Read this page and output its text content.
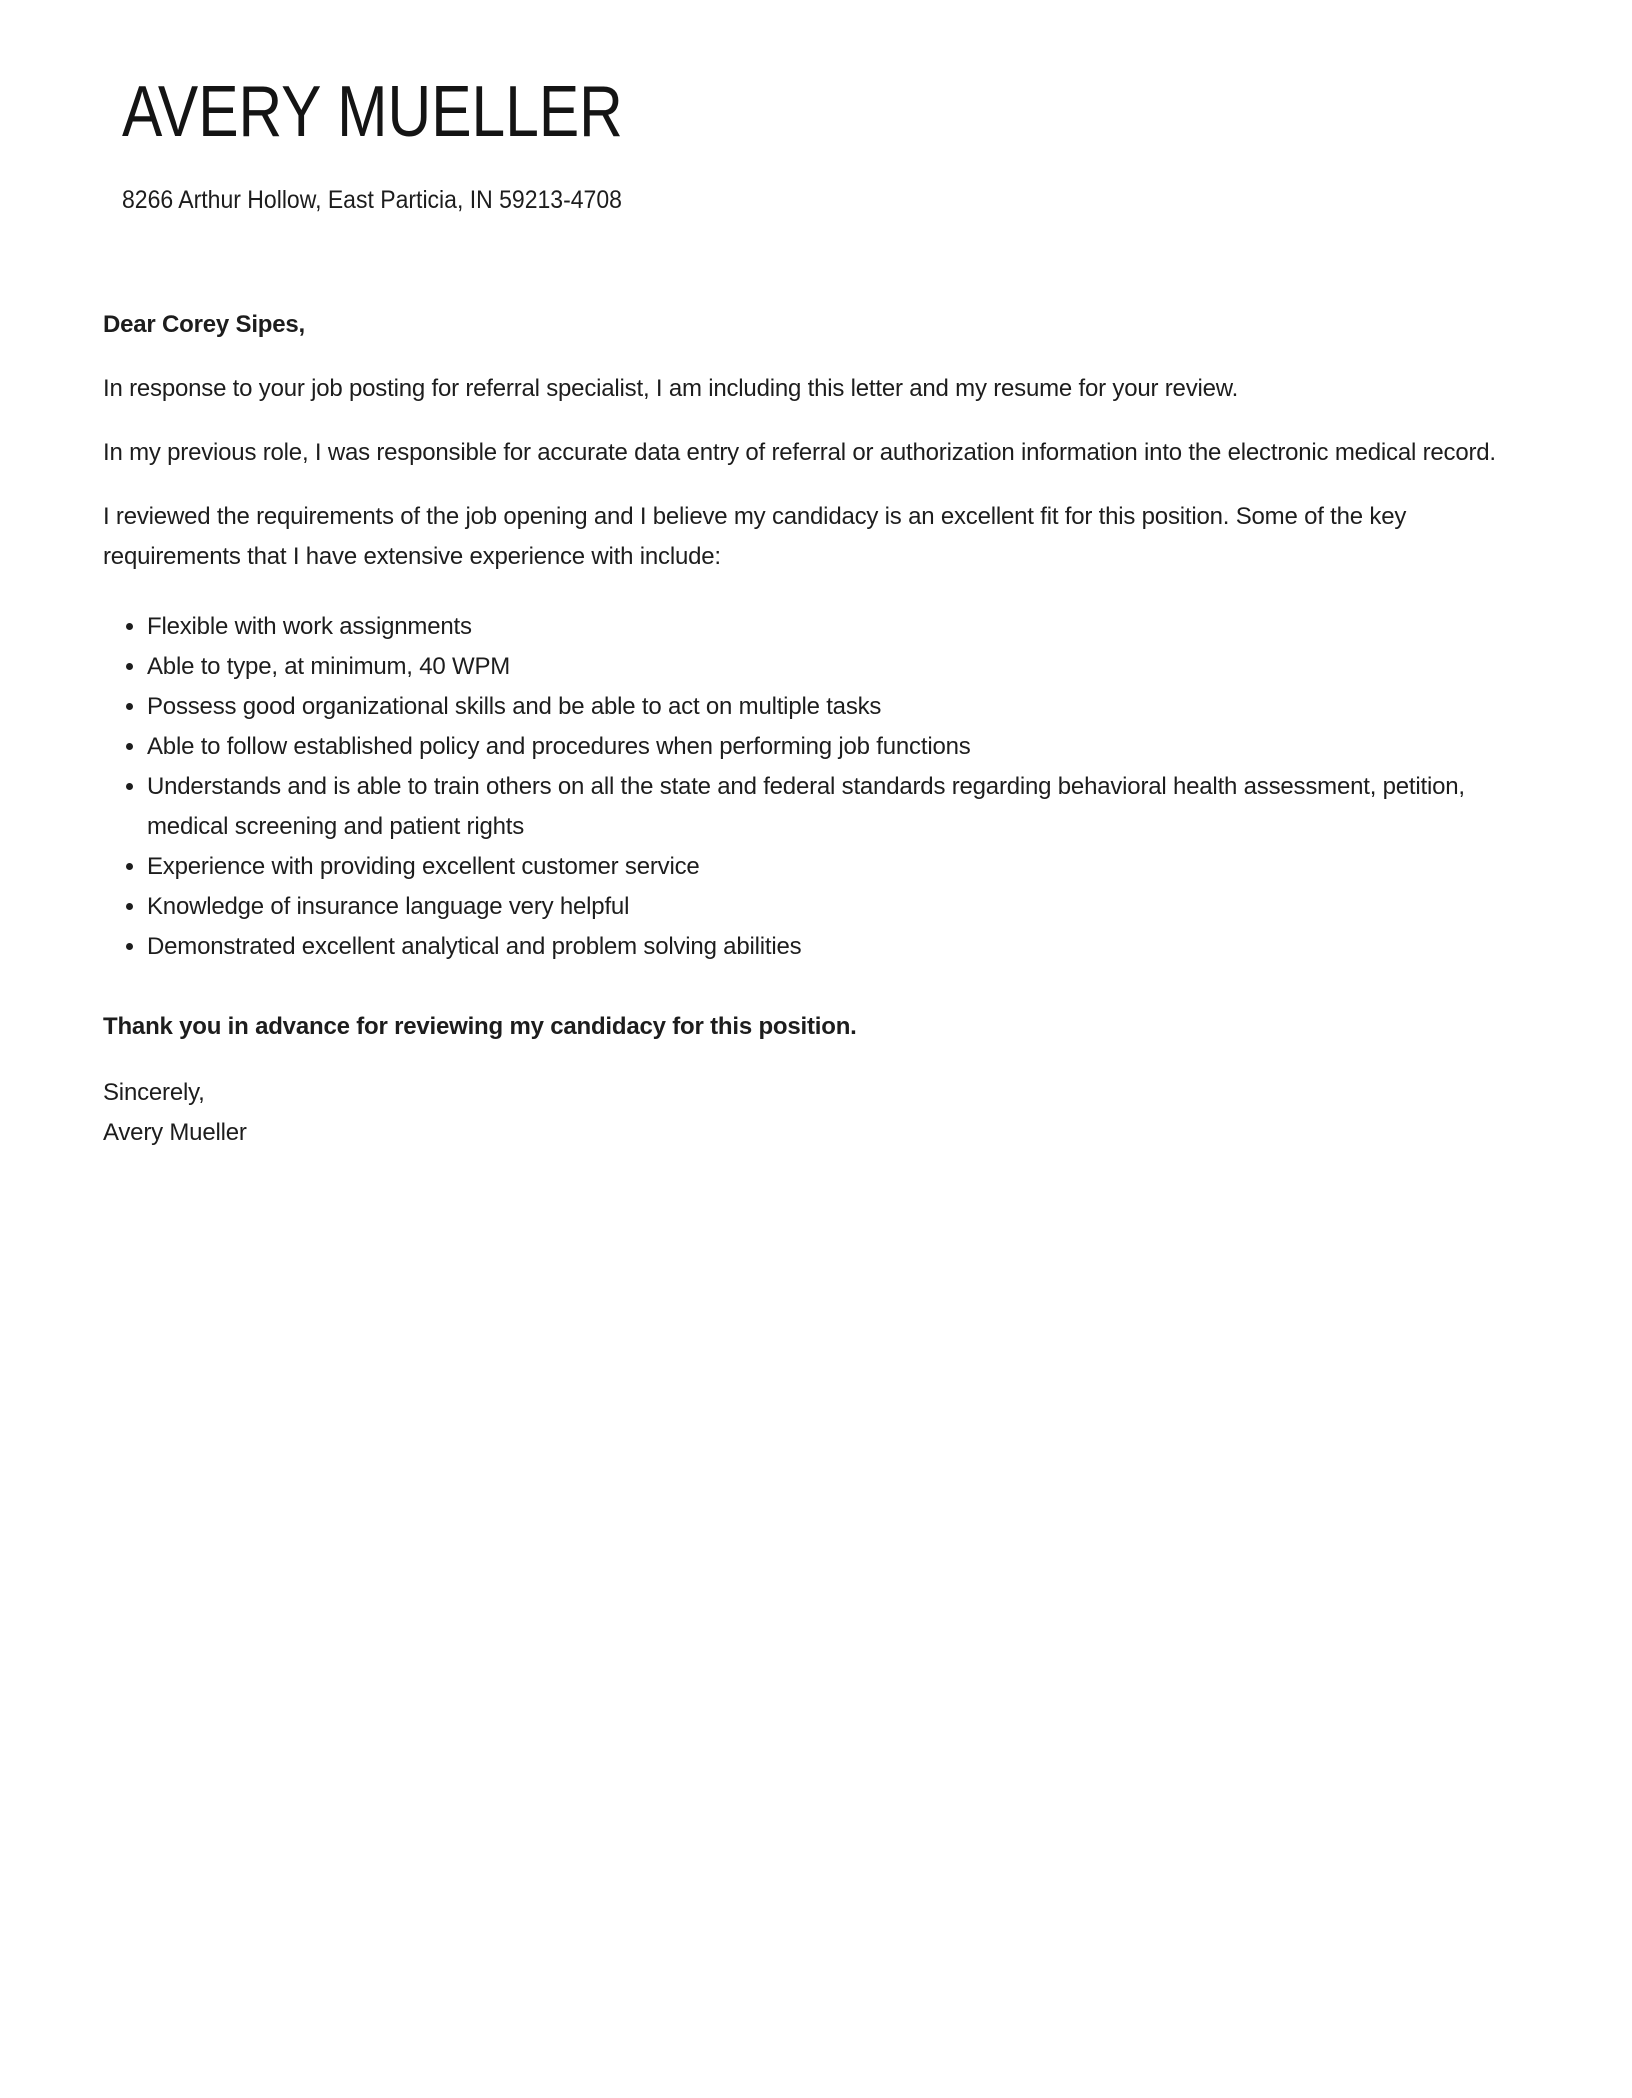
AVERY MUELLER
8266 Arthur Hollow, East Particia, IN 59213-4708

Dear Corey Sipes,

In response to your job posting for referral specialist, I am including this letter and my resume for your review.

In my previous role, I was responsible for accurate data entry of referral or authorization information into the electronic medical record.

I reviewed the requirements of the job opening and I believe my candidacy is an excellent fit for this position. Some of the key requirements that I have extensive experience with include:

• Flexible with work assignments
• Able to type, at minimum, 40 WPM
• Possess good organizational skills and be able to act on multiple tasks
• Able to follow established policy and procedures when performing job functions
• Understands and is able to train others on all the state and federal standards regarding behavioral health assessment, petition, medical screening and patient rights
• Experience with providing excellent customer service
• Knowledge of insurance language very helpful
• Demonstrated excellent analytical and problem solving abilities

Thank you in advance for reviewing my candidacy for this position.

Sincerely,
Avery Mueller
